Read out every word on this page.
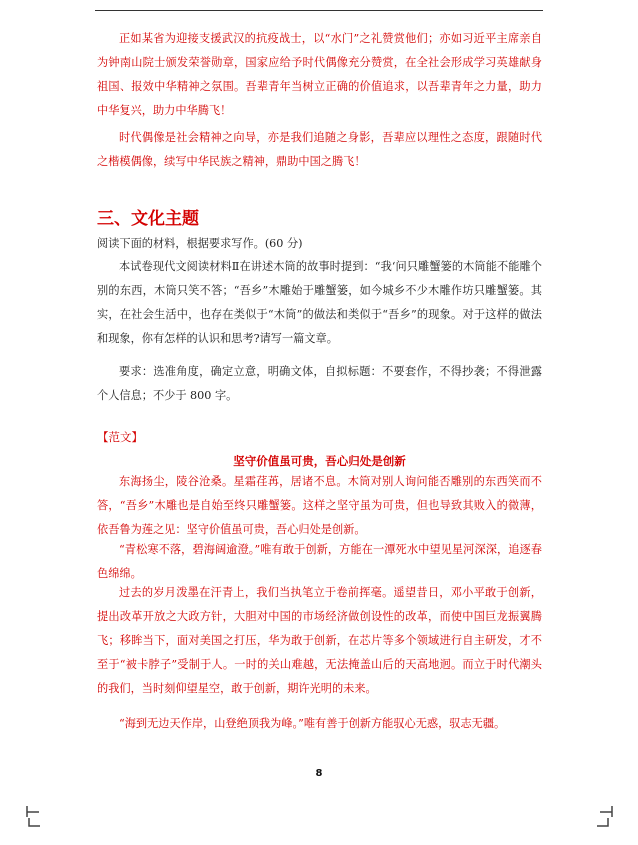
正如某省为迎接支援武汉的抗疫战士，以“水门”之礼赞赏他们；亦如习近平主席亲自为钟南山院士颁发荣誉勋章，国家应给予时代偶像充分赞赏，在全社会形成学习英雄献身祖国、报效中华精神之氛围。吾辈青年当树立正确的价值追求，以吾辈青年之力量，助力中华复兴，助力中华腾飞！

时代偶像是社会精神之向导，亦是我们追随之身影，吾辈应以理性之态度，跟随时代之楷模偶像，续写中华民族之精神，鼎助中国之腾飞！

三、文化主题

阅读下面的材料，根据要求写作。(60 分)

本试卷现代文阅读材料Ⅱ在讲述木筒的故事时提到：“我‘问只雕蟹篓的木筒能不能雕个别的东西，木筒只笑不答；“吾乡”木雕始于雕蟹篓，如今城乡不少木雕作坊只雕蟹篓。其实，在社会生活中，也存在类似于“木筒”的做法和类似于“吾乡”的现象。对于这样的做法和现象，你有怎样的认识和思考?请写一篇文章。

要求：选准角度，确定立意，明确文体，自拟标题：不要套作，不得抄袭；不得泄露个人信息；不少于 800 字。

【范文】

坚守价值虽可贵，吾心归处是创新

东海扬尘，陵谷沧桑。星霜荏苒，居诸不息。木筒对别人询问能否雕别的东西笑而不答，“吾乡”木雕也是自始至终只雕蟹篓。这样之坚守虽为可贵，但也导致其败入的微薄，依吾鲁为莲之见：坚守价值虽可贵，吾心归处是创新。

“青松寒不落，碧海阔逾澄。”唯有敢于创新，方能在一潭死水中望见星河深深，追逐春色绵绵。

过去的岁月泼墨在汗青上，我们当执笔立于卷前挥毫。遥望昔日，邓小平敢于创新，提出改革开放之大政方针，大胆对中国的市场经济做创设性的改革，而使中国巨龙振翼腾飞；移眸当下，面对美国之打压，华为敢于创新，在芯片等多个领域进行自主研发，才不至于“被卡脖子”受制于人。一时的关山难越，无法掩盖山后的天高地迥。而立于时代潮头的我们，当时刻仰望星空，敢于创新，期许光明的未来。

“海到无边天作岸，山登绝顶我为峰。”唯有善于创新方能驭心无惑，驭志无疆。

8
